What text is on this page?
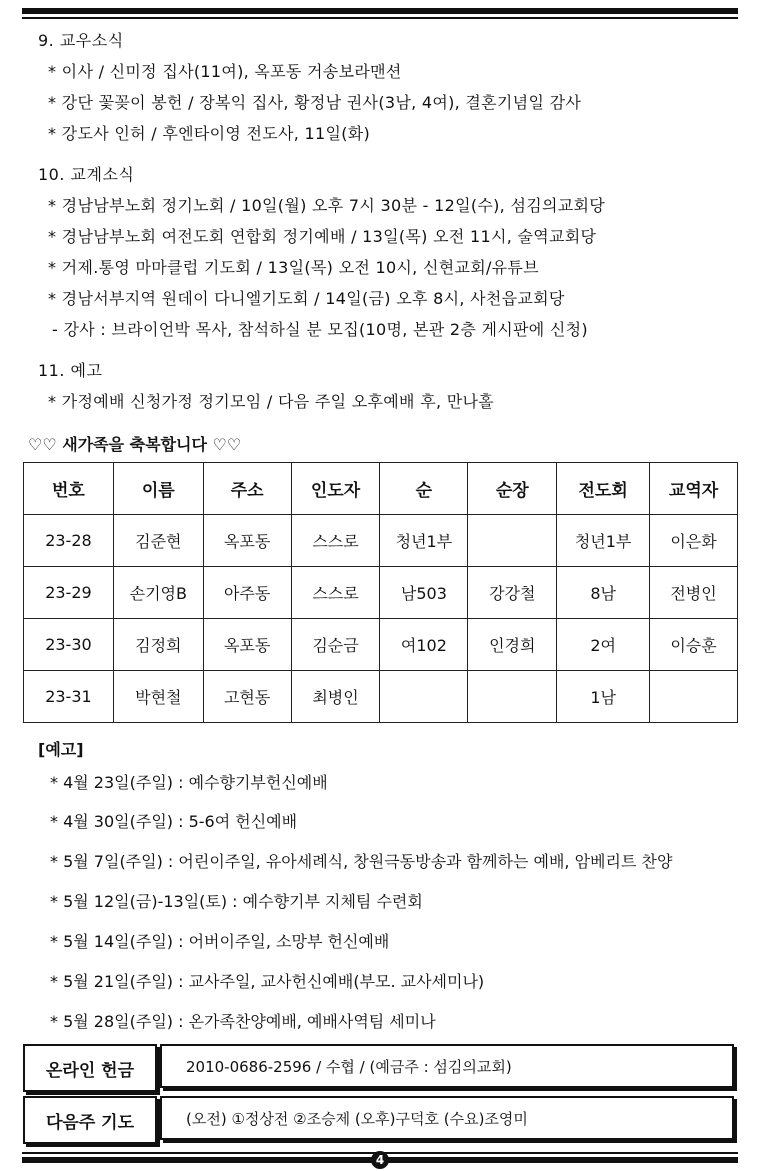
9. 교우소식
* 이사 / 신미정 집사(11여), 옥포동 거송보라맨션
* 강단 꽃꽂이 봉헌 / 장복익 집사, 황정남 권사(3남, 4여), 결혼기념일 감사
* 강도사 인허 / 후엔타이영 전도사, 11일(화)
10. 교계소식
* 경남남부노회 정기노회 / 10일(월) 오후 7시 30분 - 12일(수), 섬김의교회당
* 경남남부노회 여전도회 연합회 정기예배 / 13일(목) 오전 11시, 술역교회당
* 거제.통영 마마클럽 기도회 / 13일(목) 오전 10시, 신현교회/유튜브
* 경남서부지역 원데이 다니엘기도회 / 14일(금) 오후 8시, 사천읍교회당
- 강사 : 브라이언박 목사, 참석하실 분 모집(10명, 본관 2층 게시판에 신청)
11. 예고
* 가정예배 신청가정 정기모임 / 다음 주일 오후예배 후, 만나홀
♡♡ 새가족을 축복합니다 ♡♡
번호	이름	주소	인도자	순	순장	전도회	교역자
23-28	김준현	옥포동	스스로	청년1부		청년1부	이은화
23-29	손기영B	아주동	스스로	남503	강강철	8남	전병인
23-30	김정희	옥포동	김순금	여102	인경희	2여	이승훈
23-31	박현철	고현동	최병인			1남	
[예고]
* 4월 23일(주일) : 예수향기부헌신예배
* 4월 30일(주일) : 5-6여 헌신예배
* 5월 7일(주일) : 어린이주일, 유아세례식, 창원극동방송과 함께하는 예배, 암베리트 찬양
* 5월 12일(금)-13일(토) : 예수향기부 지체팀 수련회
* 5월 14일(주일) : 어버이주일, 소망부 헌신예배
* 5월 21일(주일) : 교사주일, 교사헌신예배(부모. 교사세미나)
* 5월 28일(주일) : 온가족찬양예배, 예배사역팀 세미나
온라인 헌금	2010-0686-2596 / 수협 / (예금주 : 섬김의교회)
다음주 기도	(오전) ①정상전 ②조승제 (오후)구덕호 (수요)조영미
4
